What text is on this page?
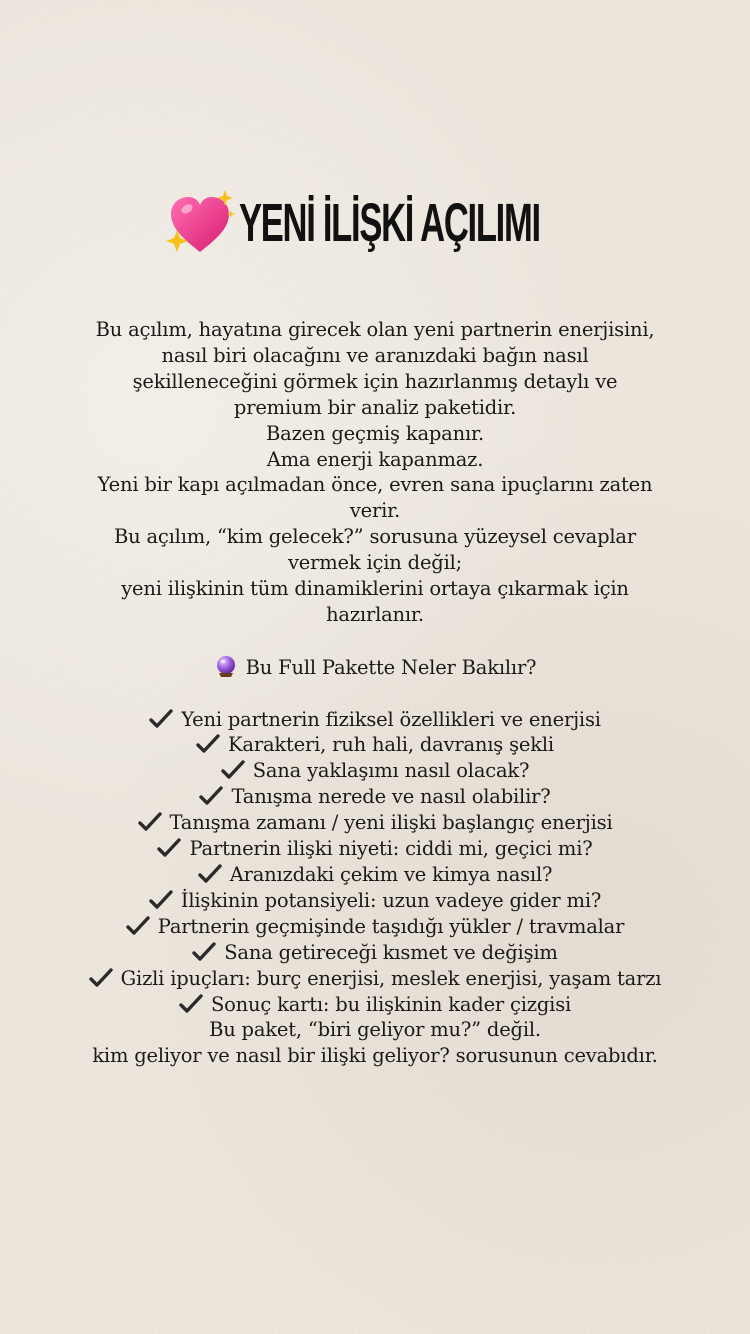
YENİ İLİŞKİ AÇILIMI
Bu açılım, hayatına girecek olan yeni partnerin enerjisini,
nasıl biri olacağını ve aranızdaki bağın nasıl
şekilleneceğini görmek için hazırlanmış detaylı ve
premium bir analiz paketidir.
Bazen geçmiş kapanır.
Ama enerji kapanmaz.
Yeni bir kapı açılmadan önce, evren sana ipuçlarını zaten
verir.
Bu açılım, “kim gelecek?” sorusuna yüzeysel cevaplar
vermek için değil;
yeni ilişkinin tüm dinamiklerini ortaya çıkarmak için
hazırlanır.
Bu Full Pakette Neler Bakılır?
Yeni partnerin fiziksel özellikleri ve enerjisi
Karakteri, ruh hali, davranış şekli
Sana yaklaşımı nasıl olacak?
Tanışma nerede ve nasıl olabilir?
Tanışma zamanı / yeni ilişki başlangıç enerjisi
Partnerin ilişki niyeti: ciddi mi, geçici mi?
Aranızdaki çekim ve kimya nasıl?
İlişkinin potansiyeli: uzun vadeye gider mi?
Partnerin geçmişinde taşıdığı yükler / travmalar
Sana getireceği kısmet ve değişim
Gizli ipuçları: burç enerjisi, meslek enerjisi, yaşam tarzı
Sonuç kartı: bu ilişkinin kader çizgisi
Bu paket, “biri geliyor mu?” değil.
kim geliyor ve nasıl bir ilişki geliyor? sorusunun cevabıdır.
